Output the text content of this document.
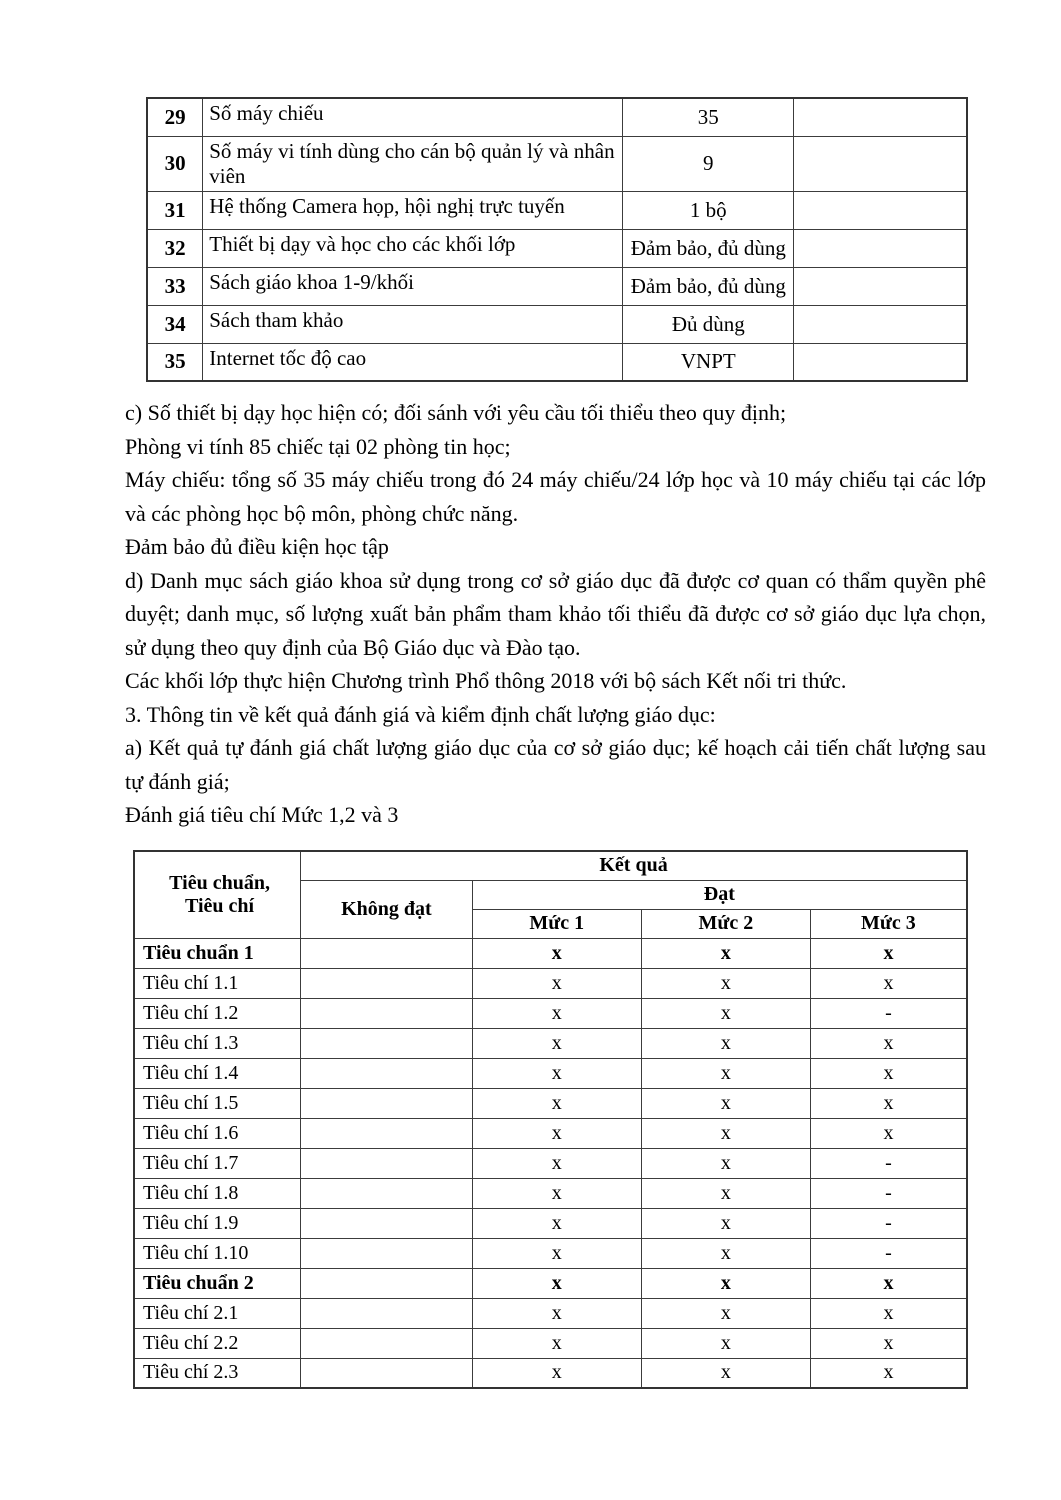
29	Số máy chiếu	35	
30	Số máy vi tính dùng cho cán bộ quản lý và nhân viên	9	
31	Hệ thống Camera họp, hội nghị trực tuyến	1 bộ	
32	Thiết bị dạy và học cho các khối lớp	Đảm bảo, đủ dùng	
33	Sách giáo khoa 1-9/khối	Đảm bảo, đủ dùng	
34	Sách tham khảo	Đủ dùng	
35	Internet tốc độ cao	VNPT	

c) Số thiết bị dạy học hiện có; đối sánh với yêu cầu tối thiểu theo quy định;

Phòng vi tính 85 chiếc tại 02 phòng tin học;

Máy chiếu: tổng số 35 máy chiếu trong đó 24 máy chiếu/24 lớp học và 10 máy chiếu tại các lớp và các phòng học bộ môn, phòng chức năng.

Đảm bảo đủ điều kiện học tập

d) Danh mục sách giáo khoa sử dụng trong cơ sở giáo dục đã được cơ quan có thẩm quyền phê duyệt; danh mục, số lượng xuất bản phẩm tham khảo tối thiểu đã được cơ sở giáo dục lựa chọn, sử dụng theo quy định của Bộ Giáo dục và Đào tạo.

Các khối lớp thực hiện Chương trình Phổ thông 2018 với bộ sách Kết nối tri thức.

3. Thông tin về kết quả đánh giá và kiểm định chất lượng giáo dục:

a) Kết quả tự đánh giá chất lượng giáo dục của cơ sở giáo dục; kế hoạch cải tiến chất lượng sau tự đánh giá;

Đánh giá tiêu chí Mức 1,2 và 3

Tiêu chuẩn,
Tiêu chí	Kết quả			
	Không đạt	Đạt		
		Mức 1	Mức 2	Mức 3
Tiêu chuẩn 1		x	x	x
Tiêu chí 1.1		x	x	x
Tiêu chí 1.2		x	x	-
Tiêu chí 1.3		x	x	x
Tiêu chí 1.4		x	x	x
Tiêu chí 1.5		x	x	x
Tiêu chí 1.6		x	x	x
Tiêu chí 1.7		x	x	-
Tiêu chí 1.8		x	x	-
Tiêu chí 1.9		x	x	-
Tiêu chí 1.10		x	x	-
Tiêu chuẩn 2		x	x	x
Tiêu chí 2.1		x	x	x
Tiêu chí 2.2		x	x	x
Tiêu chí 2.3		x	x	x
